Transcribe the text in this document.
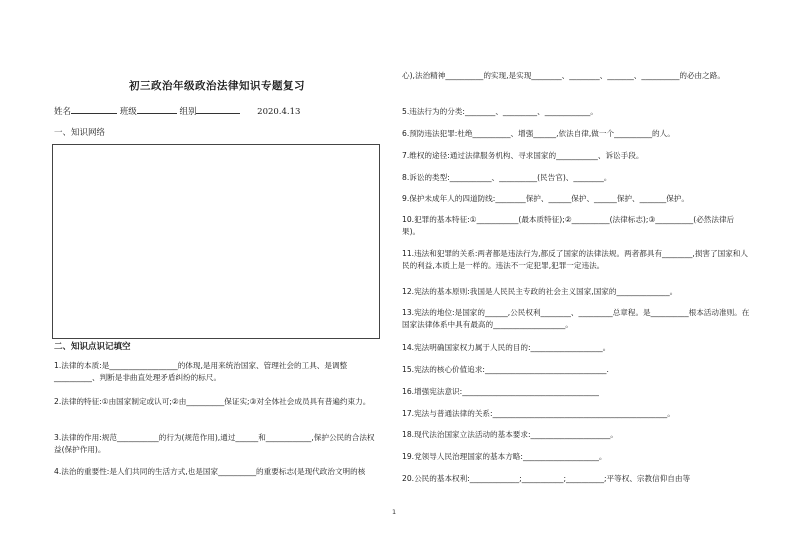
初三政治年级政治法律知识专题复习
姓名	班级	组别	2020.4.13
一、知识网络
二、知识点识记填空

1.法律的本质:是__________________的体现,是用来统治国家、管理社会的工具、是调整__________、判断是非曲直处理矛盾纠纷的标尺。

2.法律的特征:①由国家制定或认可;②由__________保证实;③对全体社会成员具有普遍约束力。

3.法律的作用:规范___________的行为(规范作用),通过______和____________,保护公民的合法权益(保护作用)。

4.法治的重要性:是人们共同的生活方式,也是国家__________的重要标志(是现代政治文明的核

心),法治精神__________的实现,是实现________、________、_______、__________的必由之路。

5.违法行为的分类:________、_________、____________。

6.预防违法犯罪:杜绝__________、增强______,依法自律,做一个__________的人。

7.维权的途径:通过法律服务机构、寻求国家的___________、诉讼手段。

8.诉讼的类型:___________、__________(民告官)、________。

9.保护未成年人的四道防线:________保护、______保护、______保护、_______保护。

10.犯罪的基本特征:①___________(最本质特征);②__________(法律标志);③__________(必然法律后果)。

11.违法和犯罪的关系:两者都是违法行为,都反了国家的法律法规。两者都具有________,损害了国家和人民的利益,本质上是一样的。违法不一定犯罪,犯罪一定违法。

12.宪法的基本原则:我国是人民民主专政的社会主义国家,国家的______________。

13.宪法的地位:是国家的______,公民权利________、_________总章程。是__________根本活动准则。在国家法律体系中具有最高的___________________。

14.宪法明确国家权力属于人民的目的:___________________。

15.宪法的核心价值追求:________________________________.

16.增强宪法意识:____________________________________

17.宪法与普通法律的关系:______________________________________________。

18.现代法治国家立法活动的基本要求:_____________________。

19.党领导人民治理国家的基本方略:____________________。

20.公民的基本权利:_____________;___________;__________;平等权、宗教信仰自由等

1
